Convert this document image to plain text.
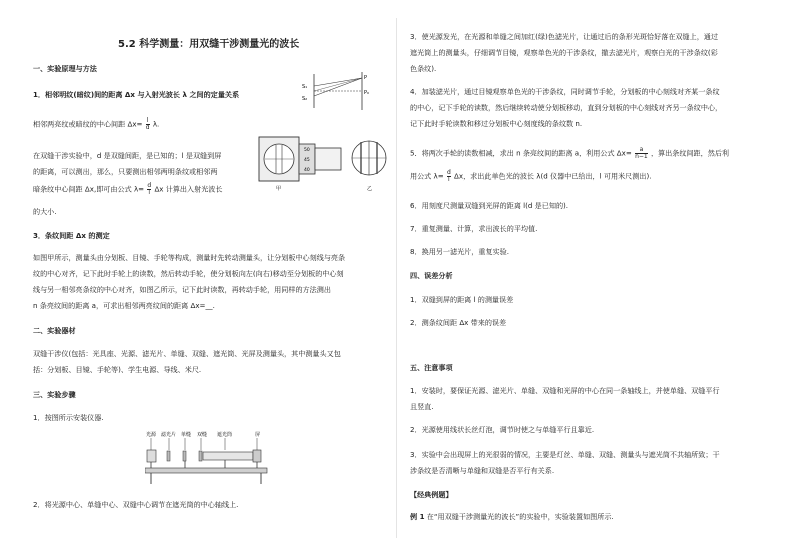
5.2 科学测量：用双缝干涉测量光的波长
一、实验原理与方法
1．相邻明纹(暗纹)间的距离 Δx 与入射光波长 λ 之间的定量关系
相邻两亮纹或暗纹的中心间距 $\Delta x= \frac{l}{d} \lambda$.
在双缝干涉实验中，d 是双缝间距，是已知的；l 是双缝到屏
的距离，可以测出，那么，只要测出相邻两明条纹或相邻两
暗条纹中心间距 Δx,即可由公式 $\lambda= \frac{d}{l}$ Δx 计算出入射光波长
的大小.
3．条纹间距 Δx 的测定
如图甲所示，测量头由分划板、目镜、手轮等构成，测量时先转动测量头，让分划板中心刻线与亮条
纹的中心对齐，记下此时手轮上的读数，然后转动手轮，使分划板向左(向右)移动至分划板的中心刻
线与另一相邻亮条纹的中心对齐，如图乙所示，记下此时读数，再转动手轮，用同样的方法测出
n 条亮纹间的距离 a，可求出相邻两亮纹间的距离 Δx=__.
二、实验器材
双缝干涉仪(包括：光具座、光源、滤光片、单缝、双缝、遮光筒、光屏及测量头，其中测量头又包
括：分划板、目镜、手轮等)、学生电源、导线、米尺.
三、实验步骤
1．按图所示安装仪器.
2．将光源中心、单缝中心、双缝中心调节在遮光筒的中心轴线上.
S₁
S₂
P
P₀
50
45
40
甲	乙
光源 滤光片 单缝 双缝 遮光筒	屏
3．使光源发光，在光源和单缝之间加红(绿)色滤光片，让通过后的条形光斑恰好落在双缝上，通过
遮光筒上的测量头，仔细调节目镜，观察单色光的干涉条纹，撤去滤光片，观察白光的干涉条纹(彩
色条纹).
4．加装滤光片，通过目镜观察单色光的干涉条纹，同时调节手轮，分划板的中心刻线对齐某一条纹
的中心，记下手轮的读数，然后继续转动使分划板移动，直到分划板的中心刻线对齐另一条纹中心，
记下此时手轮读数和移过分划板中心刻度线的条纹数 n.
5．将两次手轮的读数相减，求出 n 条亮纹间的距离 a，利用公式 $\Delta x= \frac{a}{n-1}$ ，算出条纹间距，然后利
用公式 $\lambda= \frac{d}{l}$ Δx，求出此单色光的波长 λ(d 仪器中已给出，l 可用米尺测出).
6．用刻度尺测量双缝到光屏的距离 l(d 是已知的).
7．重复测量、计算，求出波长的平均值.
8．换用另一滤光片，重复实验.
四、误差分析
1．双缝到屏的距离 l 的测量误差
2．测条纹间距 Δx 带来的误差
五、注意事项
1．安装时，要保证光源、滤光片、单缝、双缝和光屏的中心在同一条轴线上，并使单缝、双缝平行
且竖直.
2．光源使用线状长丝灯泡，调节时使之与单缝平行且靠近.
3．实验中会出现屏上的光很弱的情况，主要是灯丝、单缝、双缝、测量头与遮光筒不共轴所致；干
涉条纹是否清晰与单缝和双缝是否平行有关系.
【经典例题】
例 1 在“用双缝干涉测量光的波长”的实验中，实验装置如图所示.
